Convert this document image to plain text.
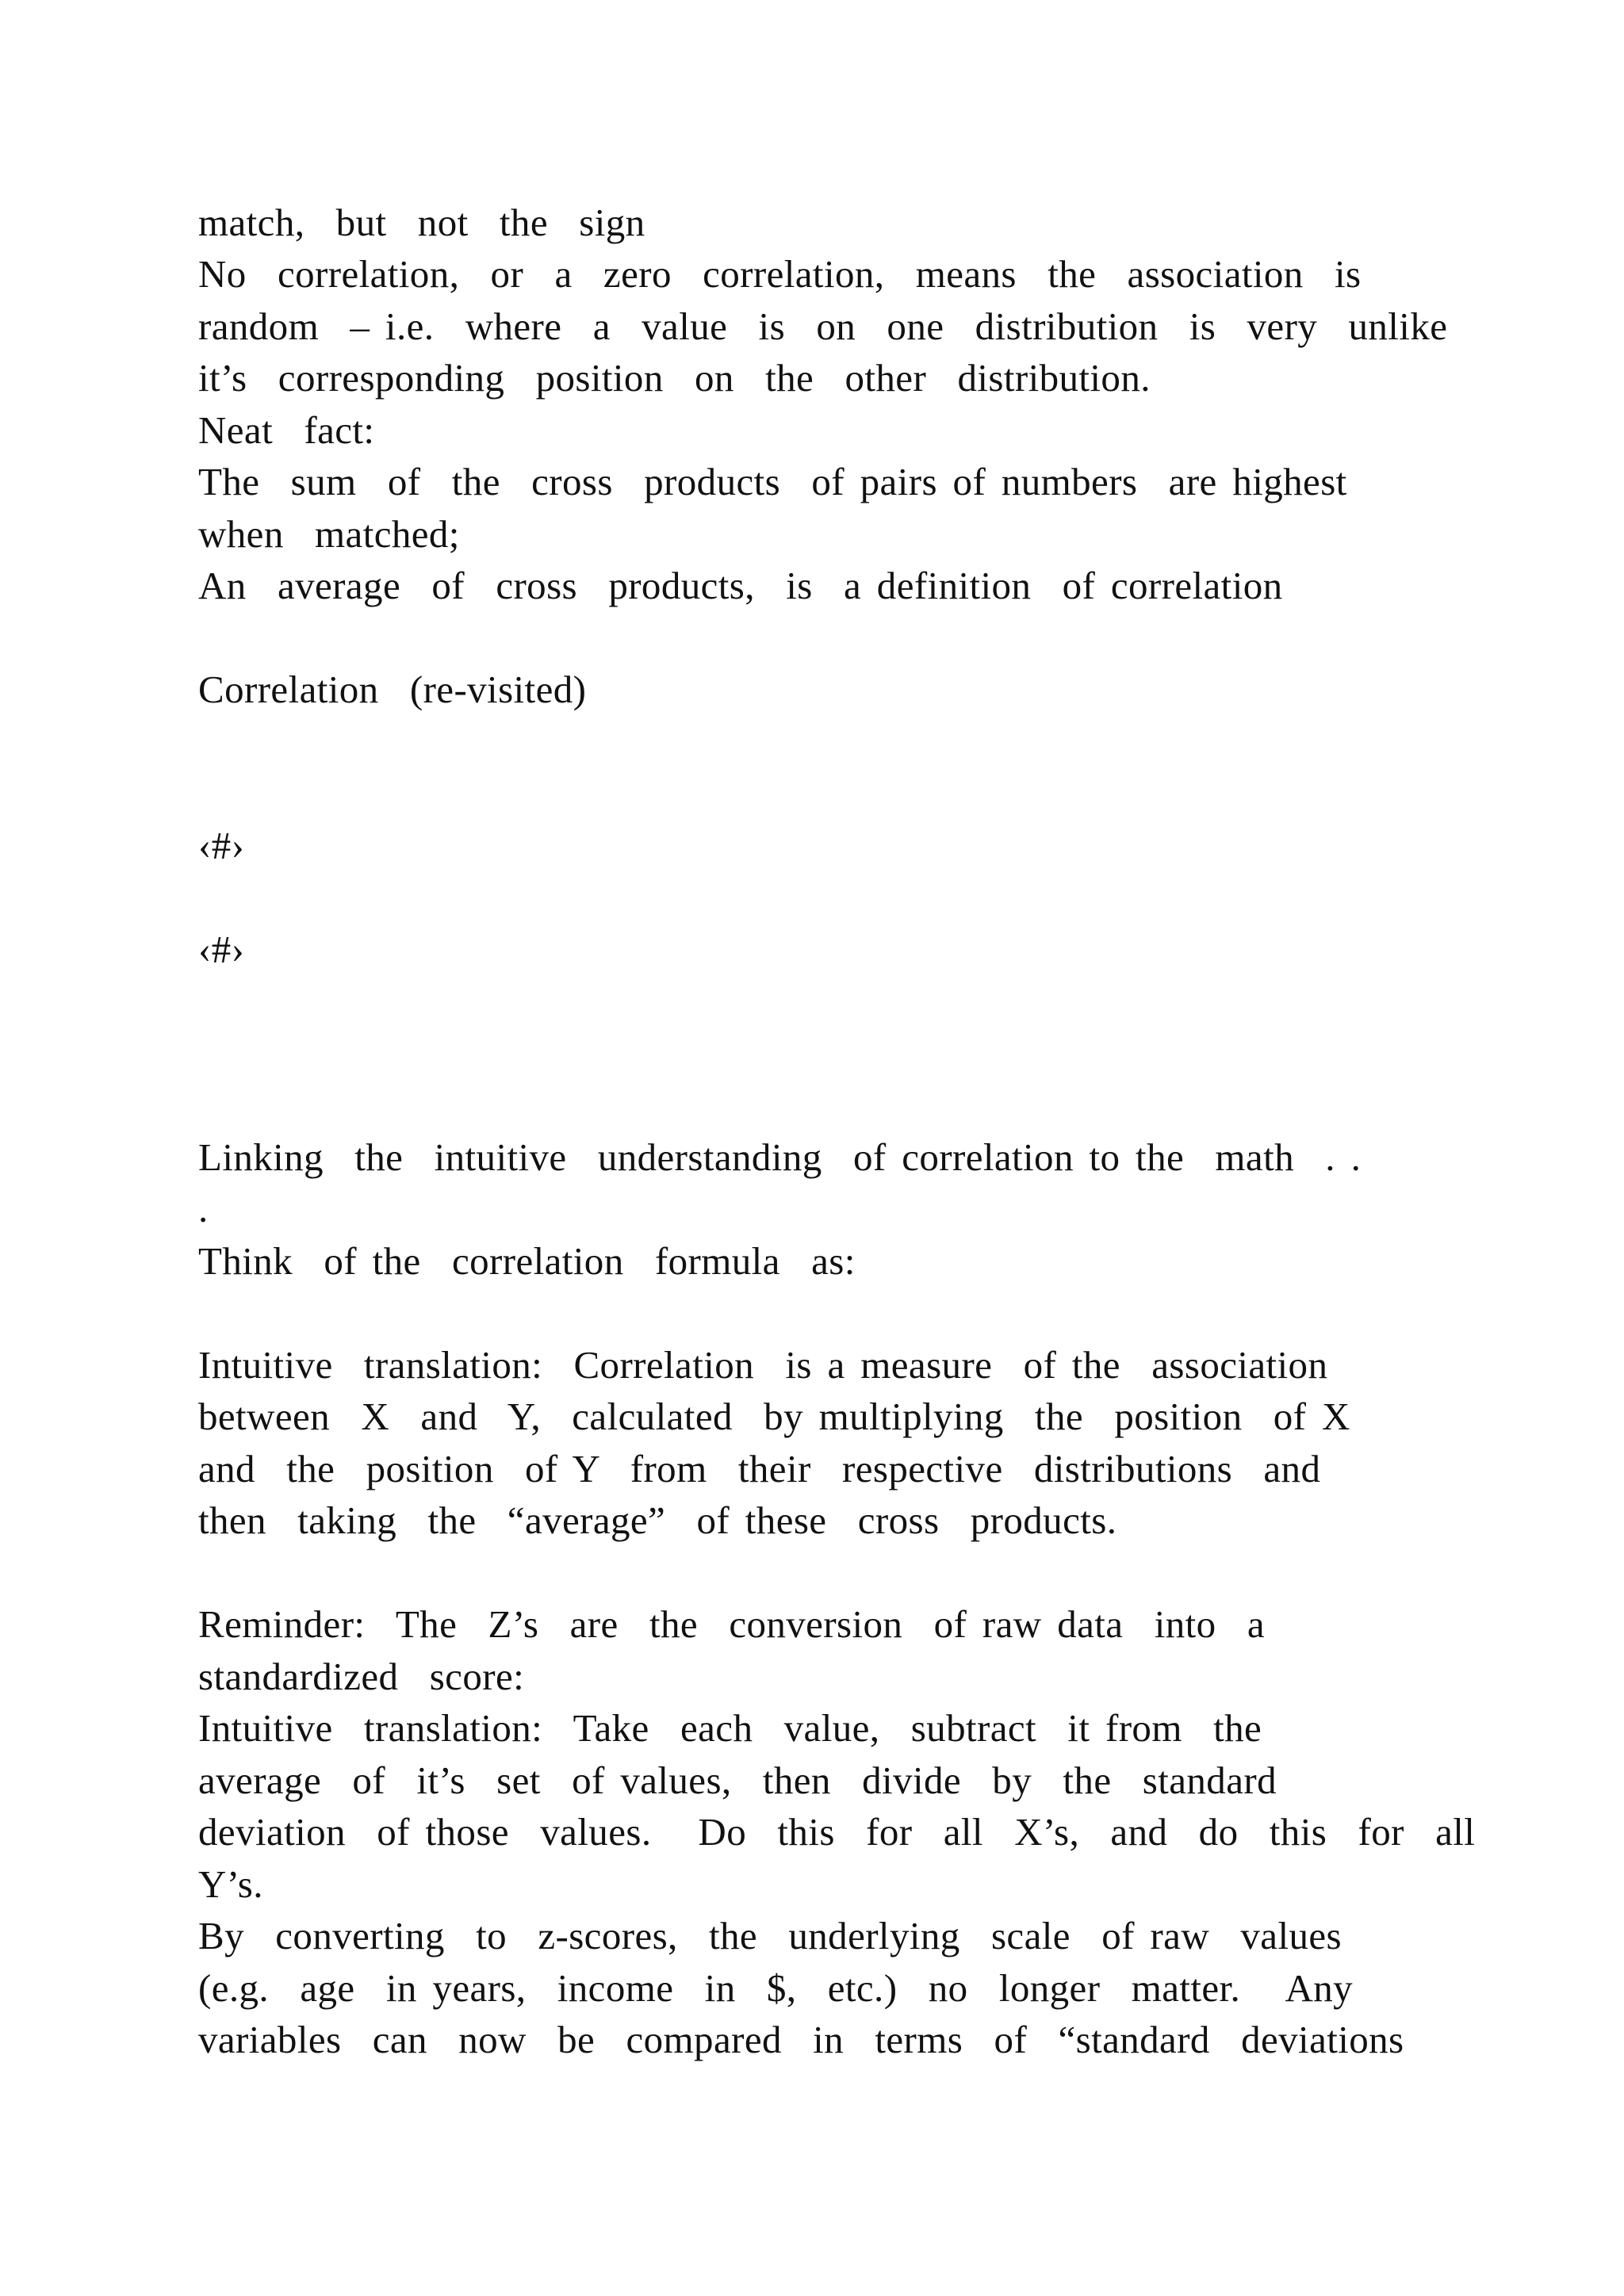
match,  but  not  the  sign
No  correlation,  or  a  zero  correlation,  means  the  association  is
random  – i.e.  where  a  value  is  on  one  distribution  is  very  unlike
it’s  corresponding  position  on  the  other  distribution.
Neat  fact:
The  sum  of  the  cross  products  of pairs of numbers  are highest
when  matched;
An  average  of  cross  products,  is  a definition  of correlation
Correlation  (re-visited)
‹#›
‹#›
Linking  the  intuitive  understanding  of correlation to the  math  . .
.
Think  of the  correlation  formula  as:
Intuitive  translation:  Correlation  is a measure  of the  association
between  X  and  Y,  calculated  by multiplying  the  position  of X
and  the  position  of Y  from  their  respective  distributions  and
then  taking  the  “average”  of these  cross  products.
Reminder:  The  Z’s  are  the  conversion  of raw data  into  a
standardized  score:
Intuitive  translation:  Take  each  value,  subtract  it from  the
average  of  it’s  set  of values,  then  divide  by  the  standard
deviation  of those  values.   Do  this  for  all  X’s,  and  do  this  for  all
Y’s.
By  converting  to  z-scores,  the  underlying  scale  of raw  values
(e.g.  age  in years,  income  in  $,  etc.)  no  longer  matter.   Any
variables  can  now  be  compared  in  terms  of  “standard  deviations
